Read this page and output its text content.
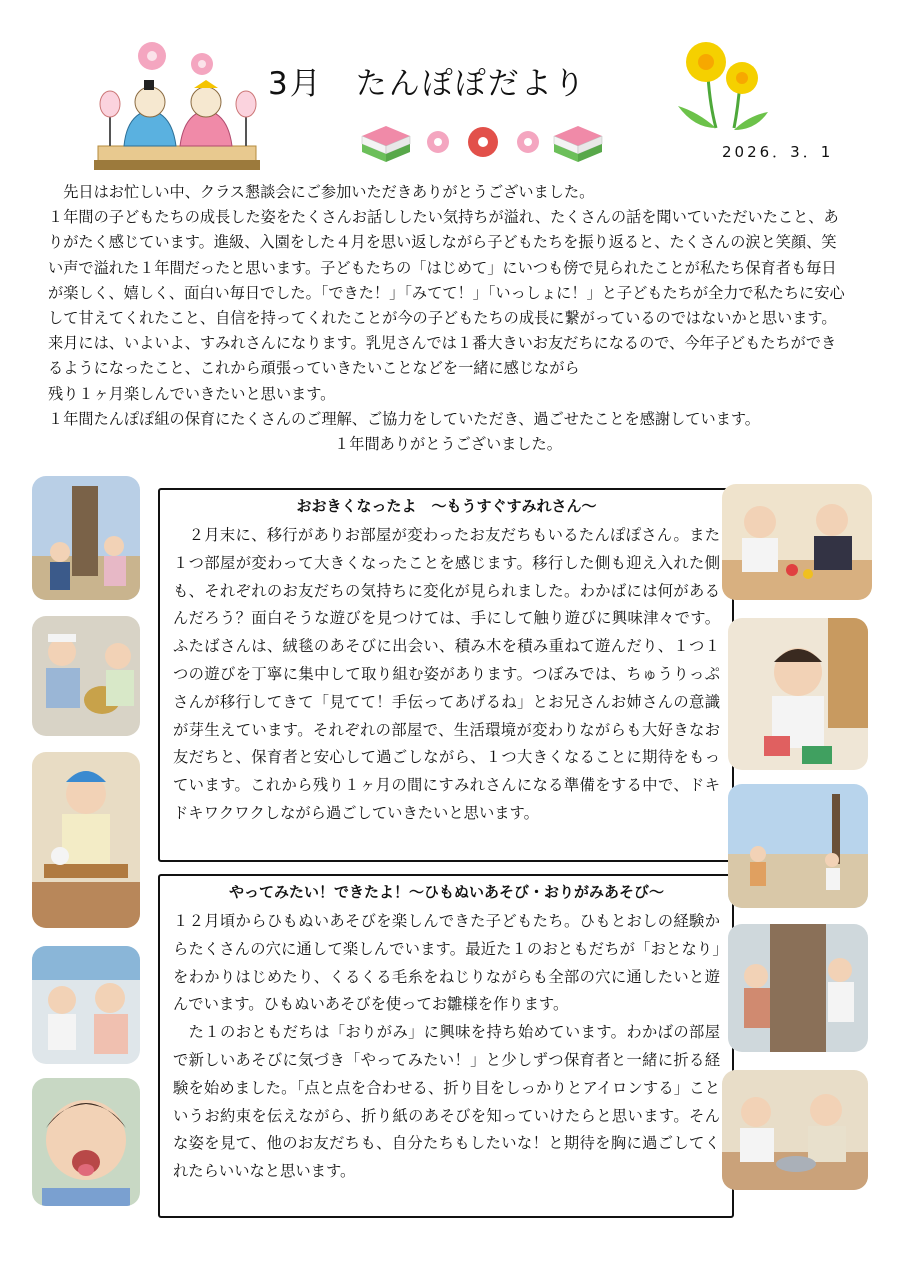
3月　たんぽぽだより
2026．3．1

　先日はお忙しい中、クラス懇談会にご参加いただきありがとうございました。

１年間の子どもたちの成長した姿をたくさんお話ししたい気持ちが溢れ、たくさんの話を聞いていただいたこと、ありがたく感じています。進級、入園をした４月を思い返しながら子どもたちを振り返ると、たくさんの涙と笑顔、笑い声で溢れた１年間だったと思います。子どもたちの「はじめて」にいつも傍で見られたことが私たち保育者も毎日が楽しく、嬉しく、面白い毎日でした。「できた！」「みてて！」「いっしょに！」と子どもたちが全力で私たちに安心して甘えてくれたこと、自信を持ってくれたことが今の子どもたちの成長に繋がっているのではないかと思います。来月には、いよいよ、すみれさんになります。乳児さんでは１番大きいお友だちになるので、今年子どもたちができるようになったこと、これから頑張っていきたいことなどを一緒に感じながら

残り１ヶ月楽しんでいきたいと思います。

１年間たんぽぽ組の保育にたくさんのご理解、ご協力をしていただき、過ごせたことを感謝しています。

１年間ありがとうございました。

おおきくなったよ　～もうすぐすみれさん～

　２月末に、移行がありお部屋が変わったお友だちもいるたんぽぽさん。また１つ部屋が変わって大きくなったことを感じます。移行した側も迎え入れた側も、それぞれのお友だちの気持ちに変化が見られました。わかばには何があるんだろう？面白そうな遊びを見つけては、手にして触り遊びに興味津々です。ふたばさんは、絨毯のあそびに出会い、積み木を積み重ねて遊んだり、１つ１つの遊びを丁寧に集中して取り組む姿があります。つぼみでは、ちゅうりっぷさんが移行してきて「見てて！手伝ってあげるね」とお兄さんお姉さんの意識が芽生えています。それぞれの部屋で、生活環境が変わりながらも大好きなお友だちと、保育者と安心して過ごしながら、１つ大きくなることに期待をもっています。これから残り１ヶ月の間にすみれさんになる準備をする中で、ドキドキワクワクしながら過ごしていきたいと思います。

やってみたい！できたよ！～ひもぬいあそび・おりがみあそび～

１２月頃からひもぬいあそびを楽しんできた子どもたち。ひもとおしの経験からたくさんの穴に通して楽しんでいます。最近た１のおともだちが「おとなり」をわかりはじめたり、くるくる毛糸をねじりながらも全部の穴に通したいと遊んでいます。ひもぬいあそびを使ってお雛様を作ります。

　た１のおともだちは「おりがみ」に興味を持ち始めています。わかばの部屋で新しいあそびに気づき「やってみたい！」と少しずつ保育者と一緒に折る経験を始めました。「点と点を合わせる、折り目をしっかりとアイロンする」こというお約束を伝えながら、折り紙のあそびを知っていけたらと思います。そんな姿を見て、他のお友だちも、自分たちもしたいな！と期待を胸に過ごしてくれたらいいなと思います。
